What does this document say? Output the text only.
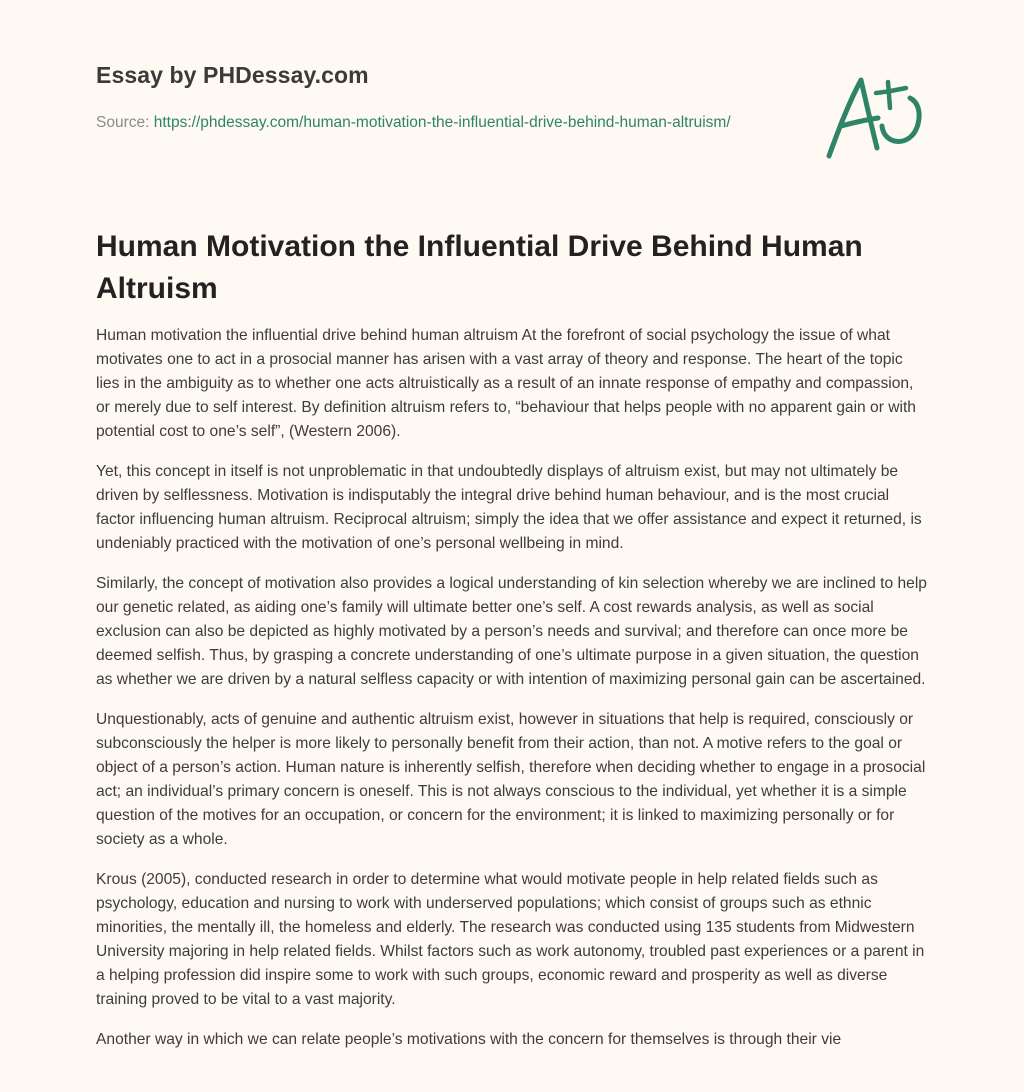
Essay by PHDessay.com
Source: https://phdessay.com/human-motivation-the-influential-drive-behind-human-altruism/
Human Motivation the Influential Drive Behind Human Altruism

Human motivation the influential drive behind human altruism At the forefront of social psychology the issue of what motivates one to act in a prosocial manner has arisen with a vast array of theory and response. The heart of the topic lies in the ambiguity as to whether one acts altruistically as a result of an innate response of empathy and compassion, or merely due to self interest. By definition altruism refers to, “behaviour that helps people with no apparent gain or with potential cost to one’s self”, (Western 2006).

Yet, this concept in itself is not unproblematic in that undoubtedly displays of altruism exist, but may not ultimately be driven by selflessness. Motivation is indisputably the integral drive behind human behaviour, and is the most crucial factor influencing human altruism. Reciprocal altruism; simply the idea that we offer assistance and expect it returned, is undeniably practiced with the motivation of one’s personal wellbeing in mind.

Similarly, the concept of motivation also provides a logical understanding of kin selection whereby we are inclined to help our genetic related, as aiding one’s family will ultimate better one’s self. A cost rewards analysis, as well as social exclusion can also be depicted as highly motivated by a person’s needs and survival; and therefore can once more be deemed selfish. Thus, by grasping a concrete understanding of one’s ultimate purpose in a given situation, the question as whether we are driven by a natural selfless capacity or with intention of maximizing personal gain can be ascertained.

Unquestionably, acts of genuine and authentic altruism exist, however in situations that help is required, consciously or subconsciously the helper is more likely to personally benefit from their action, than not. A motive refers to the goal or object of a person’s action. Human nature is inherently selfish, therefore when deciding whether to engage in a prosocial act; an individual’s primary concern is oneself. This is not always conscious to the individual, yet whether it is a simple question of the motives for an occupation, or concern for the environment; it is linked to maximizing personally or for society as a whole.

Krous (2005), conducted research in order to determine what would motivate people in help related fields such as psychology, education and nursing to work with underserved populations; which consist of groups such as ethnic minorities, the mentally ill, the homeless and elderly. The research was conducted using 135 students from Midwestern University majoring in help related fields. Whilst factors such as work autonomy, troubled past experiences or a parent in a helping profession did inspire some to work with such groups, economic reward and prosperity as well as diverse training proved to be vital to a vast majority.

Another way in which we can relate people’s motivations with the concern for themselves is through their vie
